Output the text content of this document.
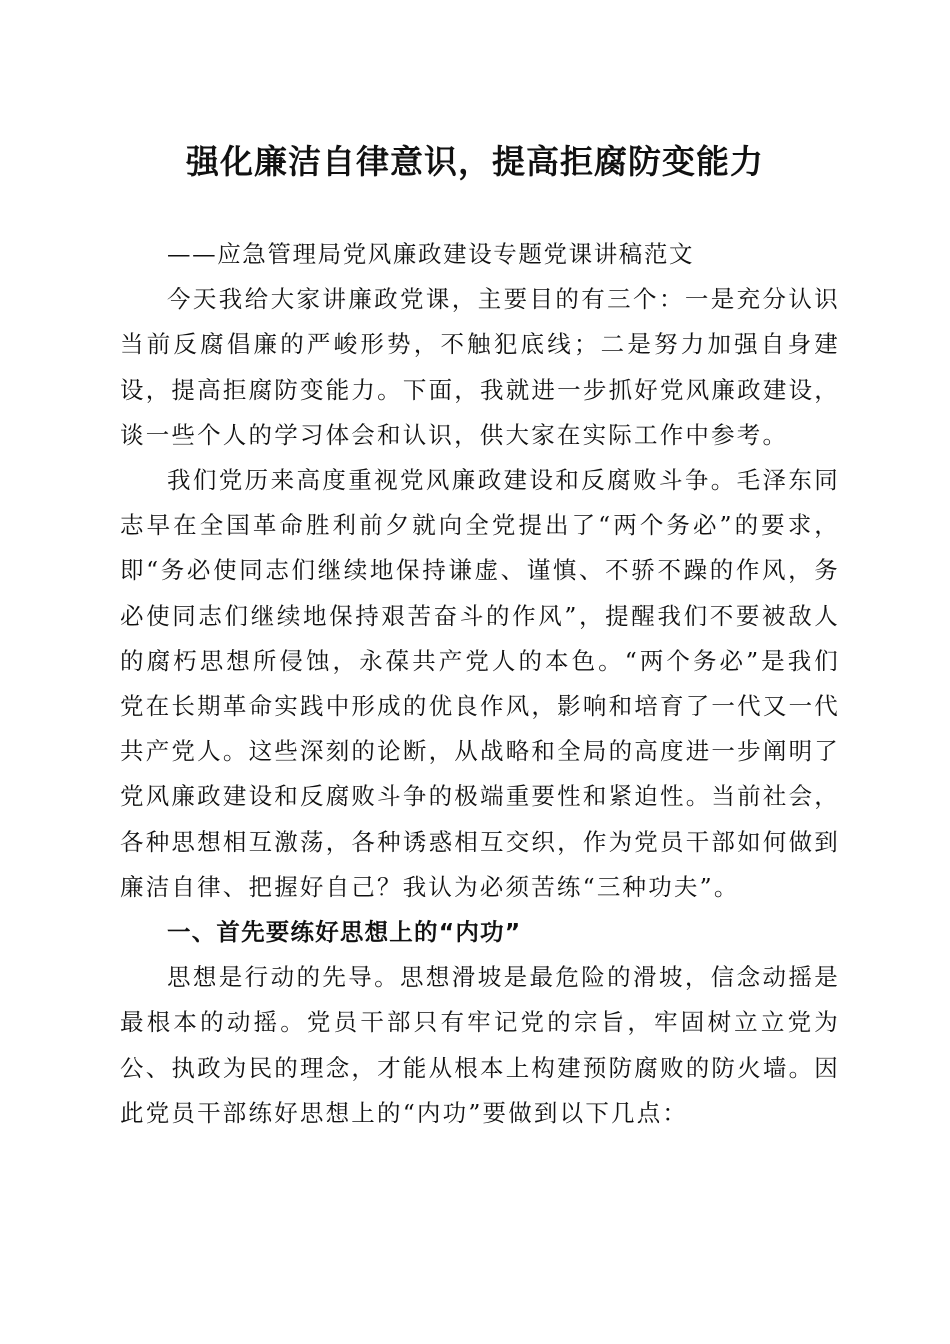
强化廉洁自律意识，提高拒腐防变能力

——应急管理局党风廉政建设专题党课讲稿范文

今天我给大家讲廉政党课，主要目的有三个：一是充分认识当前反腐倡廉的严峻形势，不触犯底线；二是努力加强自身建设，提高拒腐防变能力。下面，我就进一步抓好党风廉政建设，谈一些个人的学习体会和认识，供大家在实际工作中参考。

我们党历来高度重视党风廉政建设和反腐败斗争。毛泽东同志早在全国革命胜利前夕就向全党提出了“两个务必”的要求，即“务必使同志们继续地保持谦虚、谨慎、不骄不躁的作风，务必使同志们继续地保持艰苦奋斗的作风”，提醒我们不要被敌人的腐朽思想所侵蚀，永葆共产党人的本色。“两个务必”是我们党在长期革命实践中形成的优良作风，影响和培育了一代又一代共产党人。这些深刻的论断，从战略和全局的高度进一步阐明了党风廉政建设和反腐败斗争的极端重要性和紧迫性。当前社会，各种思想相互激荡，各种诱惑相互交织，作为党员干部如何做到廉洁自律、把握好自己？我认为必须苦练“三种功夫”。

一、首先要练好思想上的“内功”

思想是行动的先导。思想滑坡是最危险的滑坡，信念动摇是最根本的动摇。党员干部只有牢记党的宗旨，牢固树立立党为公、执政为民的理念，才能从根本上构建预防腐败的防火墙。因此党员干部练好思想上的“内功”要做到以下几点：
